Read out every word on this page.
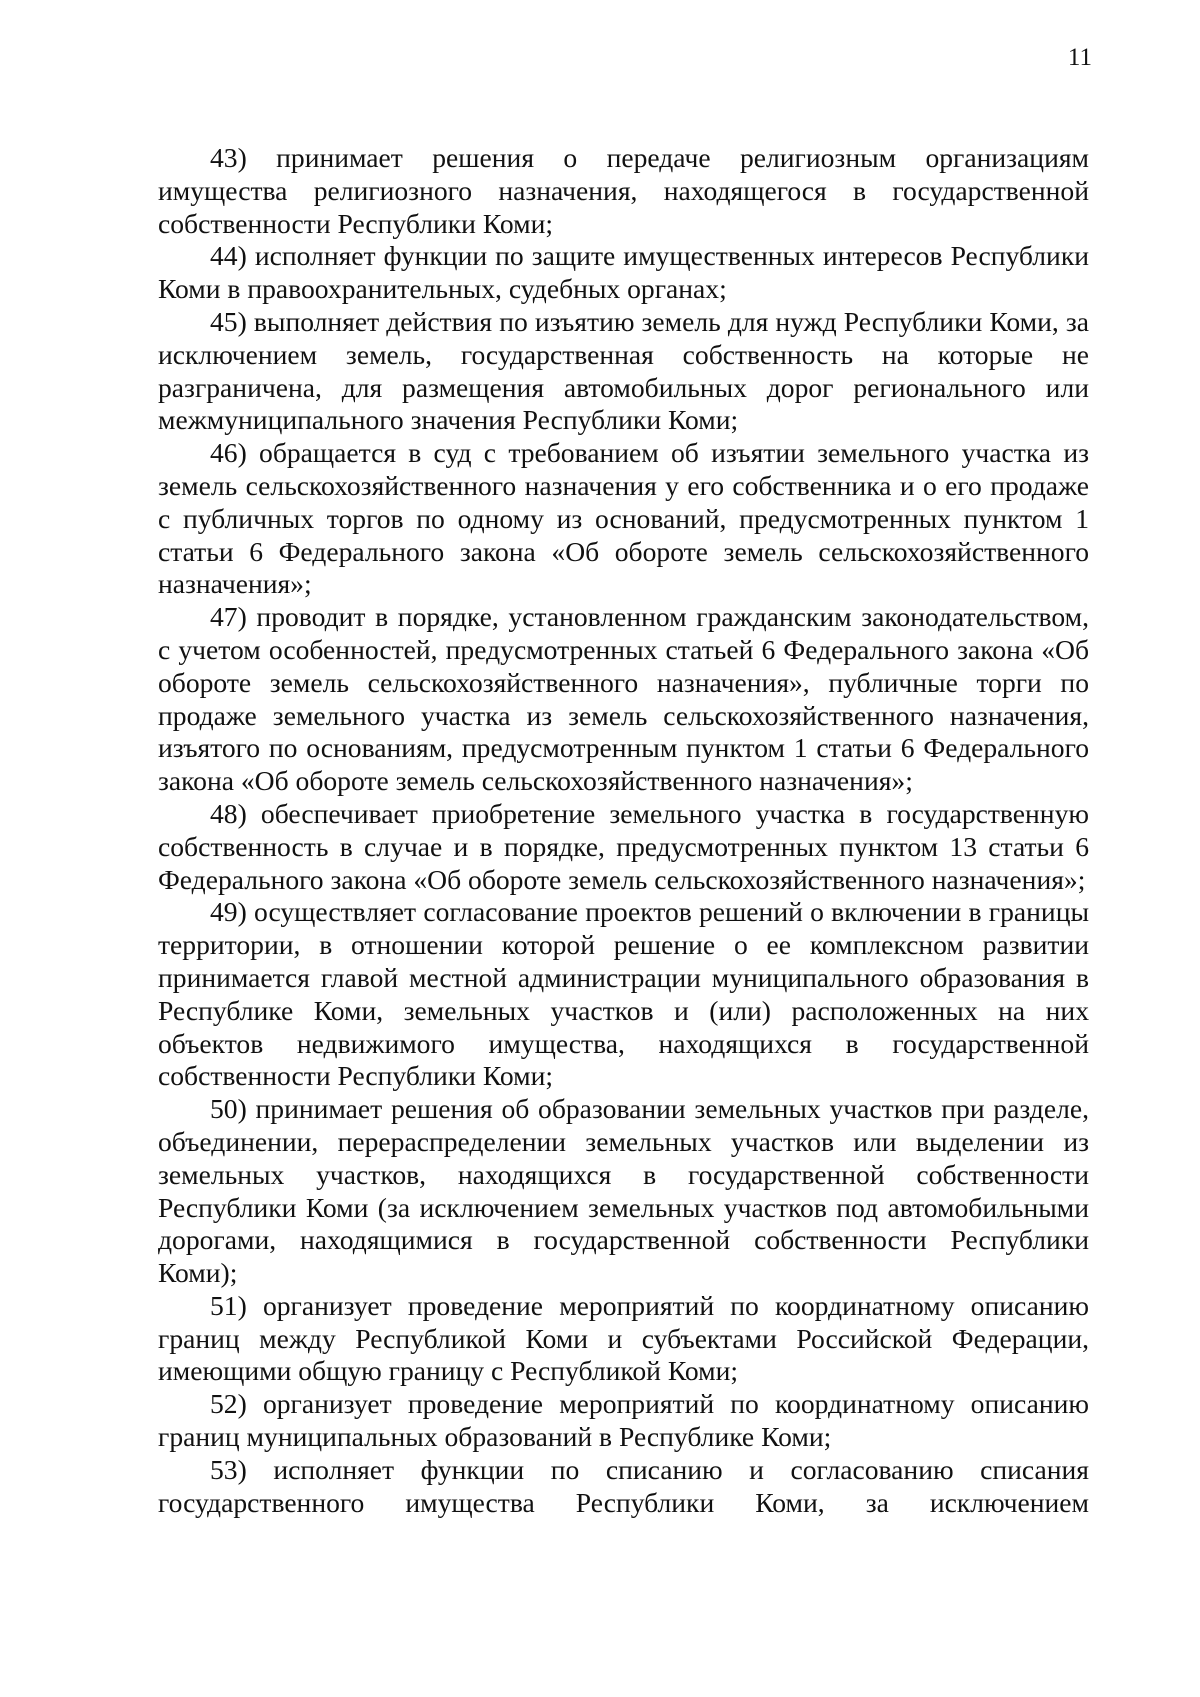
11

43) принимает решения о передаче религиозным организациям имущества религиозного назначения, находящегося в государственной собственности Республики Коми;

44) исполняет функции по защите имущественных интересов Республики Коми в правоохранительных, судебных органах;

45) выполняет действия по изъятию земель для нужд Республики Коми, за исключением земель, государственная собственность на которые не разграничена, для размещения автомобильных дорог регионального или межмуниципального значения Республики Коми;

46) обращается в суд с требованием об изъятии земельного участка из земель сельскохозяйственного назначения у его собственника и о его продаже с публичных торгов по одному из оснований, предусмотренных пунктом 1 статьи 6 Федерального закона «Об обороте земель сельскохозяйственного назначения»;

47) проводит в порядке, установленном гражданским законодательством, с учетом особенностей, предусмотренных статьей 6 Федерального закона «Об обороте земель сельскохозяйственного назначения», публичные торги по продаже земельного участка из земель сельскохозяйственного назначения, изъятого по основаниям, предусмотренным пунктом 1 статьи 6 Федерального закона «Об обороте земель сельскохозяйственного назначения»;

48) обеспечивает приобретение земельного участка в государственную собственность в случае и в порядке, предусмотренных пунктом 13 статьи 6 Федерального закона «Об обороте земель сельскохозяйственного назначения»;

49) осуществляет согласование проектов решений о включении в границы территории, в отношении которой решение о ее комплексном развитии принимается главой местной администрации муниципального образования в Республике Коми, земельных участков и (или) расположенных на них объектов недвижимого имущества, находящихся в государственной собственности Республики Коми;

50) принимает решения об образовании земельных участков при разделе, объединении, перераспределении земельных участков или выделении из земельных участков, находящихся в государственной собственности Республики Коми (за исключением земельных участков под автомобильными дорогами, находящимися в государственной собственности Республики Коми);

51) организует проведение мероприятий по координатному описанию границ между Республикой Коми и субъектами Российской Федерации, имеющими общую границу с Республикой Коми;

52) организует проведение мероприятий по координатному описанию границ муниципальных образований в Республике Коми;

53) исполняет функции по списанию и согласованию списания государственного имущества Республики Коми, за исключением
